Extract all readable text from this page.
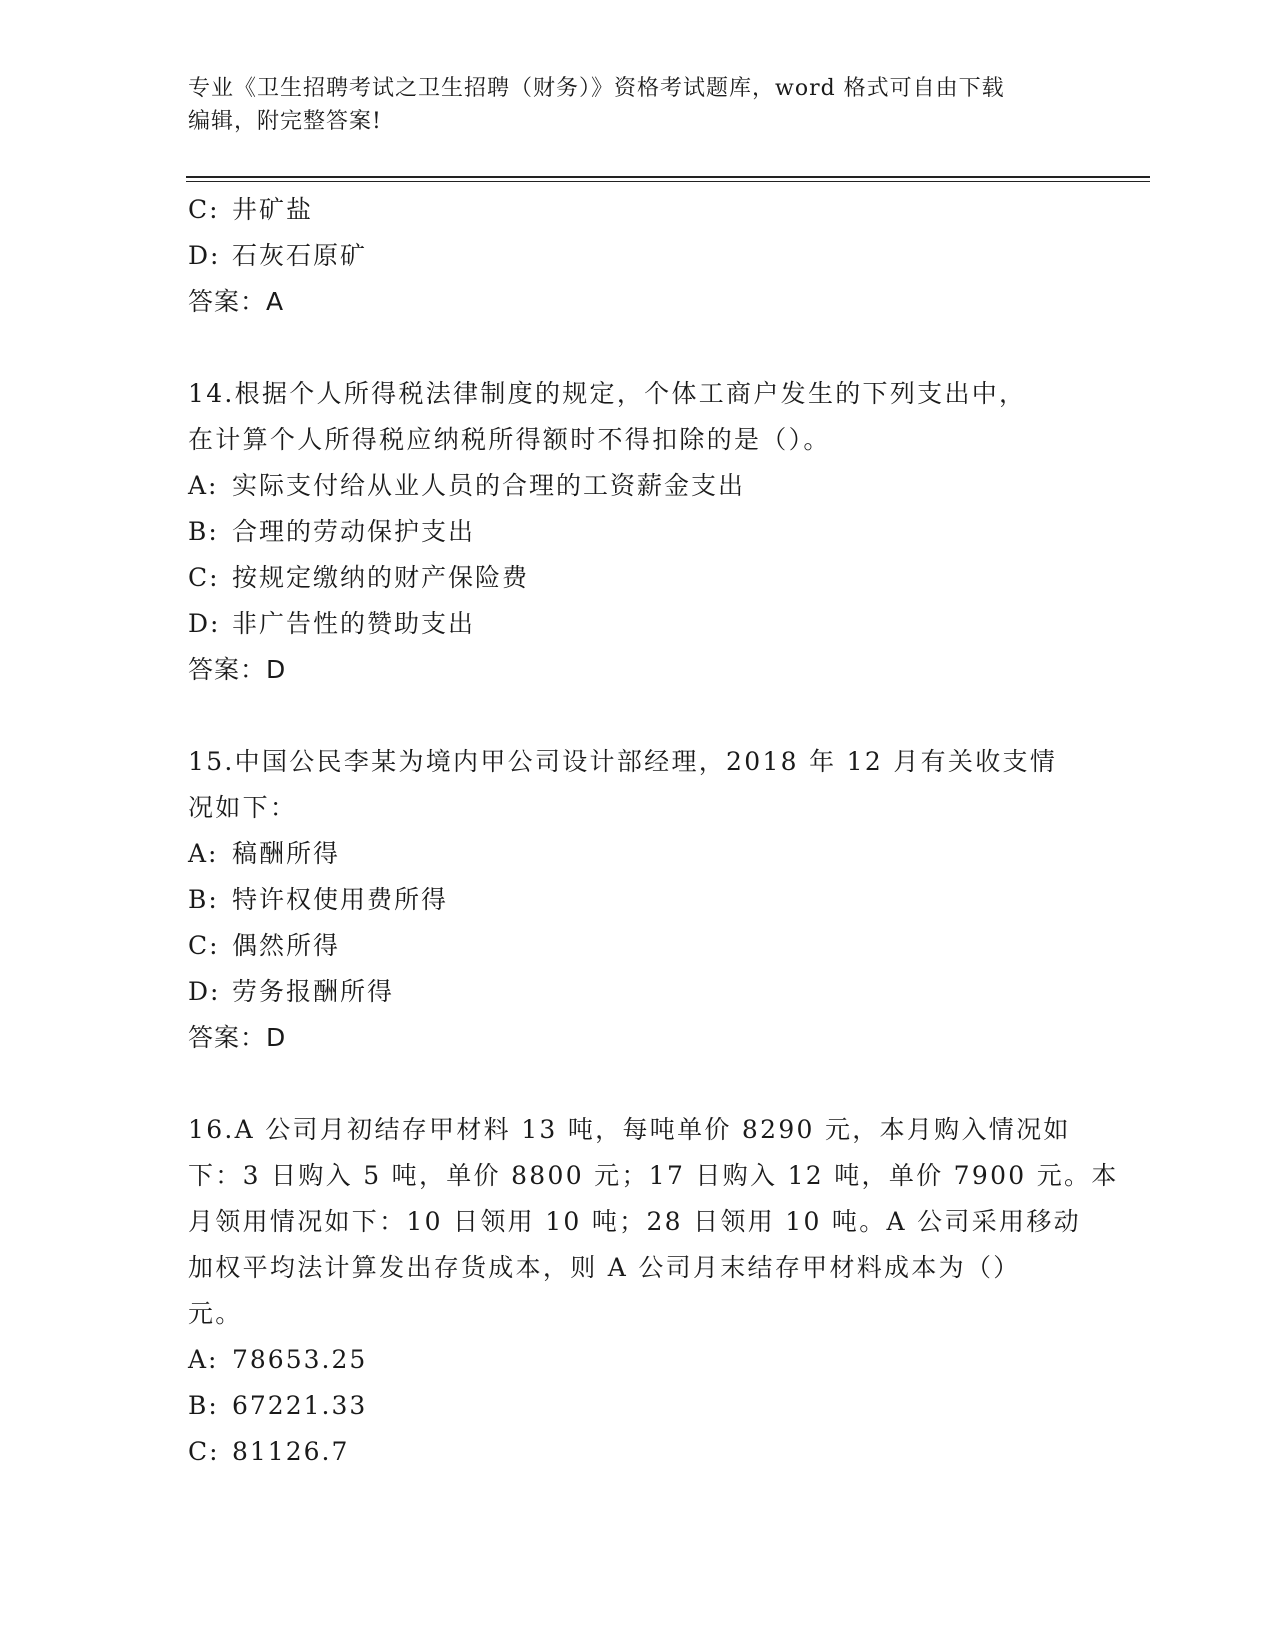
专业《卫生招聘考试之卫生招聘（财务）》资格考试题库，word 格式可自由下载
编辑，附完整答案!
C: 井矿盐
D: 石灰石原矿
答案：A
14.根据个人所得税法律制度的规定，个体工商户发生的下列支出中，
在计算个人所得税应纳税所得额时不得扣除的是（）。
A: 实际支付给从业人员的合理的工资薪金支出
B: 合理的劳动保护支出
C: 按规定缴纳的财产保险费
D: 非广告性的赞助支出
答案：D
15.中国公民李某为境内甲公司设计部经理，2018 年 12 月有关收支情
况如下：
A: 稿酬所得
B: 特许权使用费所得
C: 偶然所得
D: 劳务报酬所得
答案：D
16.A 公司月初结存甲材料 13 吨，每吨单价 8290 元，本月购入情况如
下：3 日购入 5 吨，单价 8800 元；17 日购入 12 吨，单价 7900 元。本
月领用情况如下：10 日领用 10 吨；28 日领用 10 吨。A 公司采用移动
加权平均法计算发出存货成本，则 A 公司月末结存甲材料成本为（）
元。
A: 78653.25
B: 67221.33
C: 81126.7
